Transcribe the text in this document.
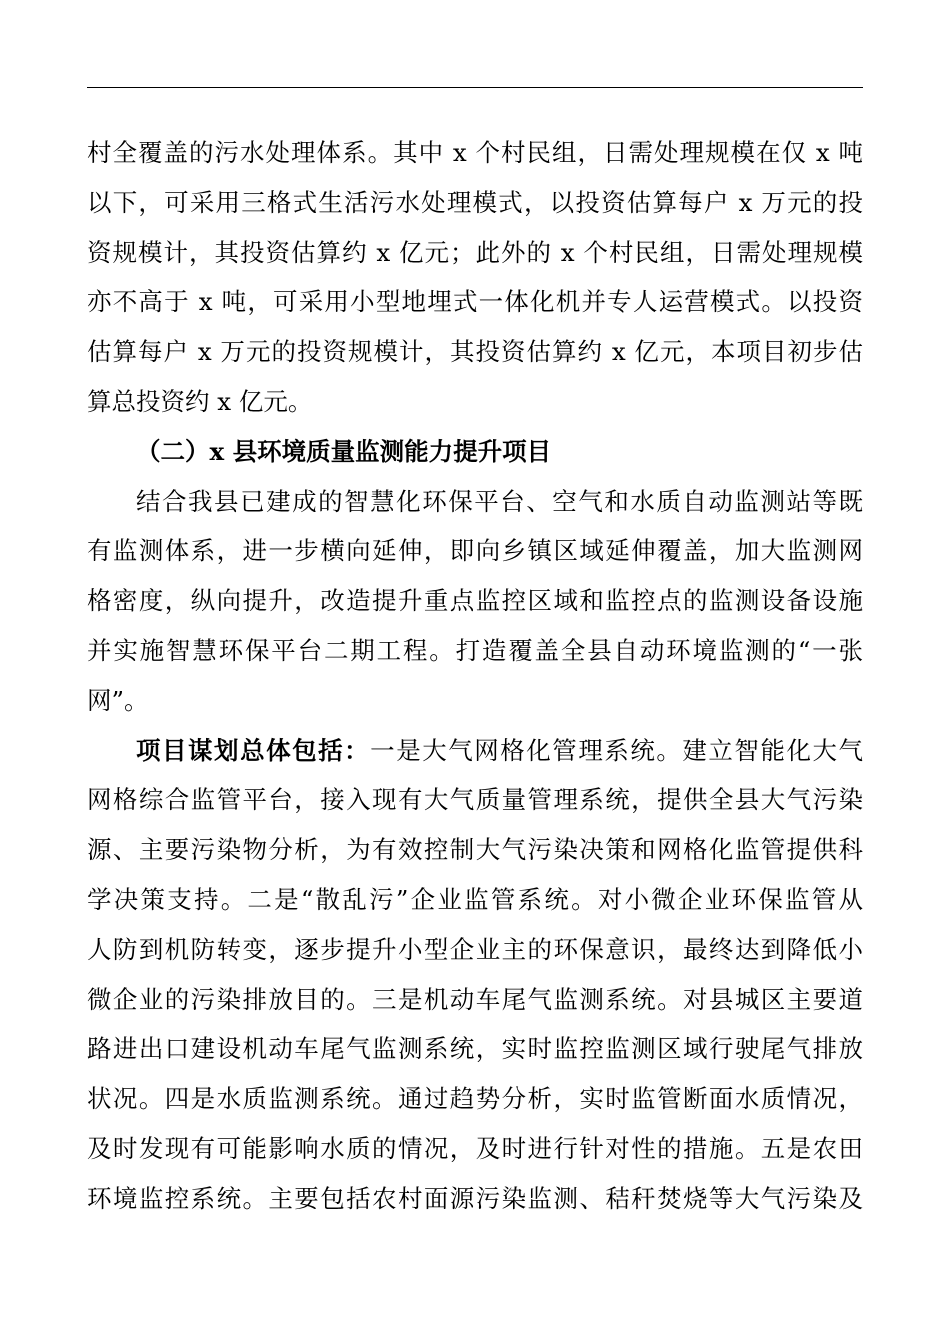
村全覆盖的污水处理体系。其中 x 个村民组，日需处理规模在仅 x 吨
以下，可采用三格式生活污水处理模式，以投资估算每户 x 万元的投
资规模计，其投资估算约 x 亿元；此外的 x 个村民组，日需处理规模
亦不高于 x 吨，可采用小型地埋式一体化机并专人运营模式。以投资
估算每户 x 万元的投资规模计，其投资估算约 x 亿元，本项目初步估
算总投资约 x 亿元。
（二）x 县环境质量监测能力提升项目
结合我县已建成的智慧化环保平台、空气和水质自动监测站等既
有监测体系，进一步横向延伸，即向乡镇区域延伸覆盖，加大监测网
格密度，纵向提升，改造提升重点监控区域和监控点的监测设备设施
并实施智慧环保平台二期工程。打造覆盖全县自动环境监测的“一张
网”。
项目谋划总体包括：一是大气网格化管理系统。建立智能化大气
网格综合监管平台，接入现有大气质量管理系统，提供全县大气污染
源、主要污染物分析，为有效控制大气污染决策和网格化监管提供科
学决策支持。二是“散乱污”企业监管系统。对小微企业环保监管从
人防到机防转变，逐步提升小型企业主的环保意识，最终达到降低小
微企业的污染排放目的。三是机动车尾气监测系统。对县城区主要道
路进出口建设机动车尾气监测系统，实时监控监测区域行驶尾气排放
状况。四是水质监测系统。通过趋势分析，实时监管断面水质情况，
及时发现有可能影响水质的情况，及时进行针对性的措施。五是农田
环境监控系统。主要包括农村面源污染监测、秸秆焚烧等大气污染及
